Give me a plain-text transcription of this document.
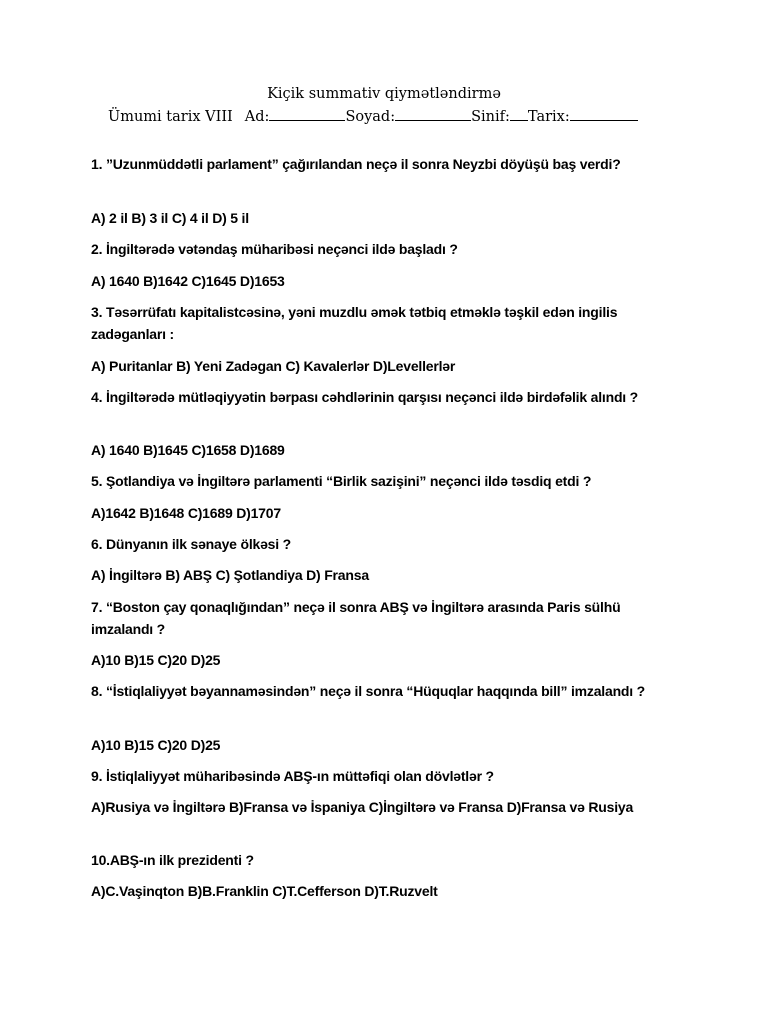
Kiçik summativ qiymətləndirmə
Ümumi tarix VIII Ad:	Soyad:	Sinif: Tarix:
1. ”Uzunmüddətli parlament” çağırılandan neçə il sonra Neyzbi döyüşü baş verdi?
A) 2 il B) 3 il C) 4 il D) 5 il
2. İngiltərədə vətəndaş müharibəsi neçənci ildə başladı ?
A) 1640 B)1642 C)1645 D)1653
3. Təsərrüfatı kapitalistcəsinə, yəni muzdlu əmək tətbiq etməklə təşkil edən ingilis zadəganları :
A) Puritanlar B) Yeni Zadəgan C) Kavalerlər D)Levellerlər
4. İngiltərədə mütləqiyyətin bərpası cəhdlərinin qarşısı neçənci ildə birdəfəlik alındı ?
A) 1640 B)1645 C)1658 D)1689
5. Şotlandiya və İngiltərə parlamenti “Birlik sazişini” neçənci ildə təsdiq etdi ?
A)1642 B)1648 C)1689 D)1707
6. Dünyanın ilk sənaye ölkəsi ?
A) İngiltərə B) ABŞ C) Şotlandiya D) Fransa
7. “Boston çay qonaqlığından” neçə il sonra ABŞ və İngiltərə arasında Paris sülhü imzalandı ?
A)10 B)15 C)20 D)25
8. “İstiqlaliyyət bəyannaməsindən” neçə il sonra “Hüquqlar haqqında bill” imzalandı ?
A)10 B)15 C)20 D)25
9. İstiqlaliyyət müharibəsində ABŞ-ın müttəfiqi olan dövlətlər ?
A)Rusiya və İngiltərə B)Fransa və İspaniya C)İngiltərə və Fransa D)Fransa və Rusiya
10.ABŞ-ın ilk prezidenti ?
A)C.Vaşinqton B)B.Franklin C)T.Cefferson D)T.Ruzvelt
